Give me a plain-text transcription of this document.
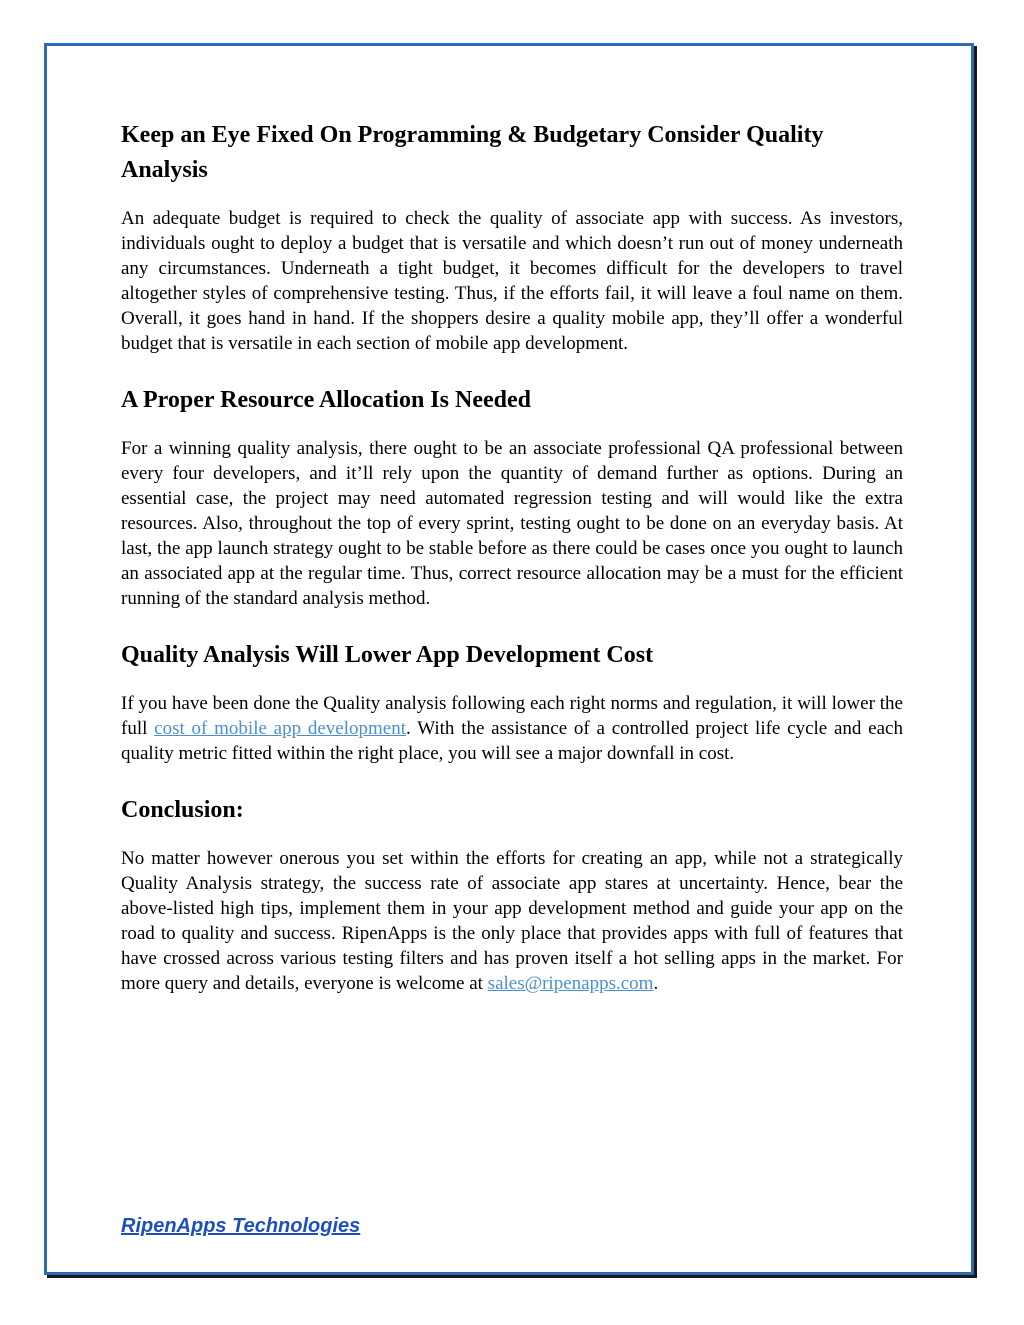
Keep an Eye Fixed On Programming & Budgetary Consider Quality Analysis

An adequate budget is required to check the quality of associate app with success. As investors, individuals ought to deploy a budget that is versatile and which doesn’t run out of money underneath any circumstances. Underneath a tight budget, it becomes difficult for the developers to travel altogether styles of comprehensive testing. Thus, if the efforts fail, it will leave a foul name on them. Overall, it goes hand in hand. If the shoppers desire a quality mobile app, they’ll offer a wonderful budget that is versatile in each section of mobile app development.

A Proper Resource Allocation Is Needed

For a winning quality analysis, there ought to be an associate professional QA professional between every four developers, and it’ll rely upon the quantity of demand further as options. During an essential case, the project may need automated regression testing and will would like the extra resources. Also, throughout the top of every sprint, testing ought to be done on an everyday basis. At last, the app launch strategy ought to be stable before as there could be cases once you ought to launch an associated app at the regular time. Thus, correct resource allocation may be a must for the efficient running of the standard analysis method.

Quality Analysis Will Lower App Development Cost

If you have been done the Quality analysis following each right norms and regulation, it will lower the full cost of mobile app development. With the assistance of a controlled project life cycle and each quality metric fitted within the right place, you will see a major downfall in cost.

Conclusion:

No matter however onerous you set within the efforts for creating an app, while not a strategically Quality Analysis strategy, the success rate of associate app stares at uncertainty. Hence, bear the above-listed high tips, implement them in your app development method and guide your app on the road to quality and success. RipenApps is the only place that provides apps with full of features that have crossed across various testing filters and has proven itself a hot selling apps in the market. For more query and details, everyone is welcome at sales@ripenapps.com.

RipenApps Technologies
